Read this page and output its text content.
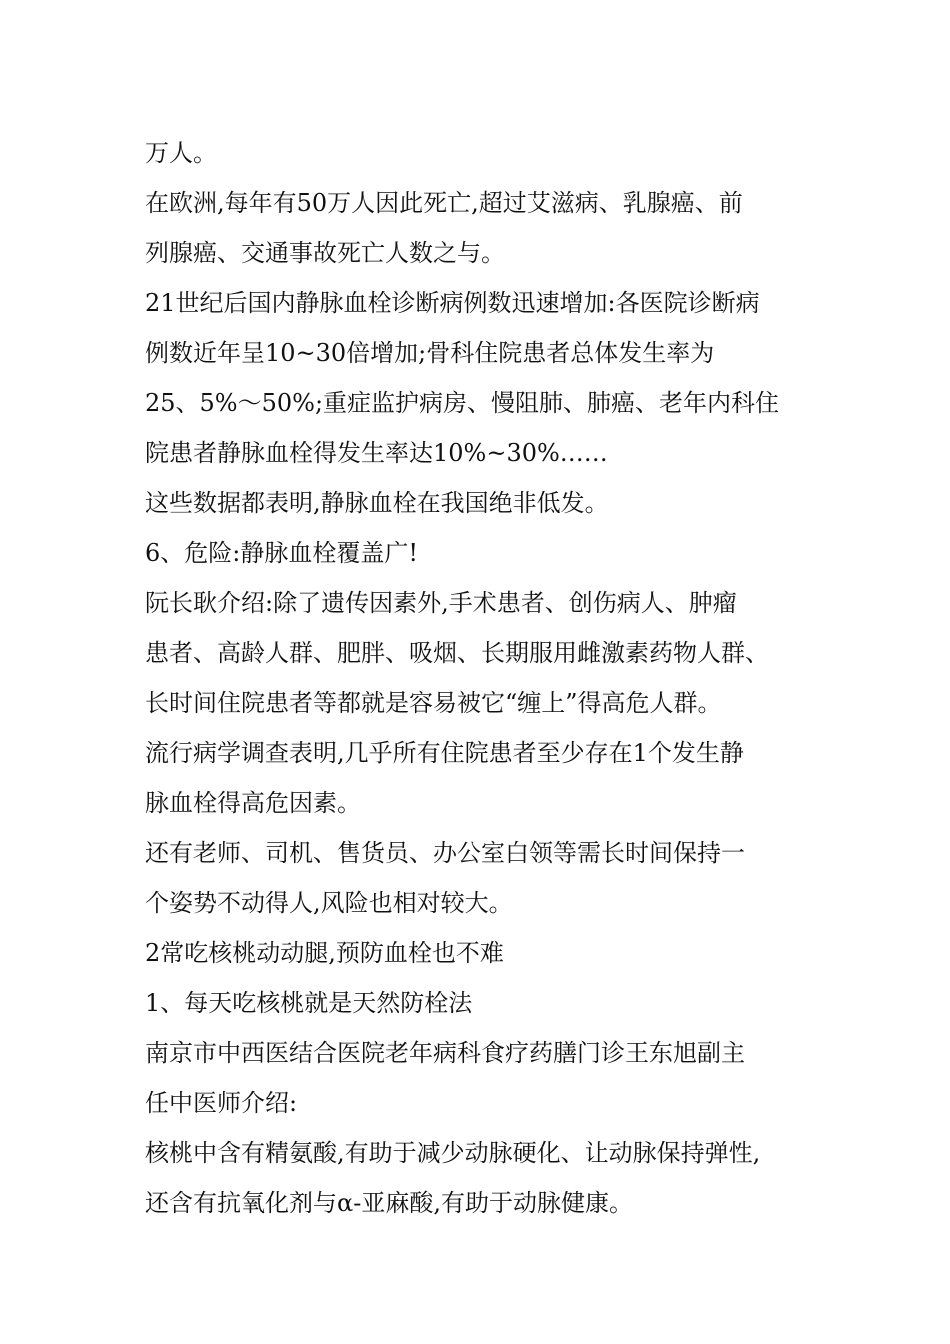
万人。
在欧洲,每年有50万人因此死亡,超过艾滋病、乳腺癌、前
列腺癌、交通事故死亡人数之与。
21世纪后国内静脉血栓诊断病例数迅速增加:各医院诊断病
例数近年呈10~30倍增加;骨科住院患者总体发生率为
25、5%～50%;重症监护病房、慢阻肺、肺癌、老年内科住
院患者静脉血栓得发生率达10%~30%……
这些数据都表明,静脉血栓在我国绝非低发。
6、危险:静脉血栓覆盖广!
阮长耿介绍:除了遗传因素外,手术患者、创伤病人、肿瘤
患者、高龄人群、肥胖、吸烟、长期服用雌激素药物人群、
长时间住院患者等都就是容易被它“缠上”得高危人群。
流行病学调查表明,几乎所有住院患者至少存在1个发生静
脉血栓得高危因素。
还有老师、司机、售货员、办公室白领等需长时间保持一
个姿势不动得人,风险也相对较大。
2常吃核桃动动腿,预防血栓也不难
1、每天吃核桃就是天然防栓法
南京市中西医结合医院老年病科食疗药膳门诊王东旭副主
任中医师介绍:
核桃中含有精氨酸,有助于减少动脉硬化、让动脉保持弹性,
还含有抗氧化剂与α-亚麻酸,有助于动脉健康。
